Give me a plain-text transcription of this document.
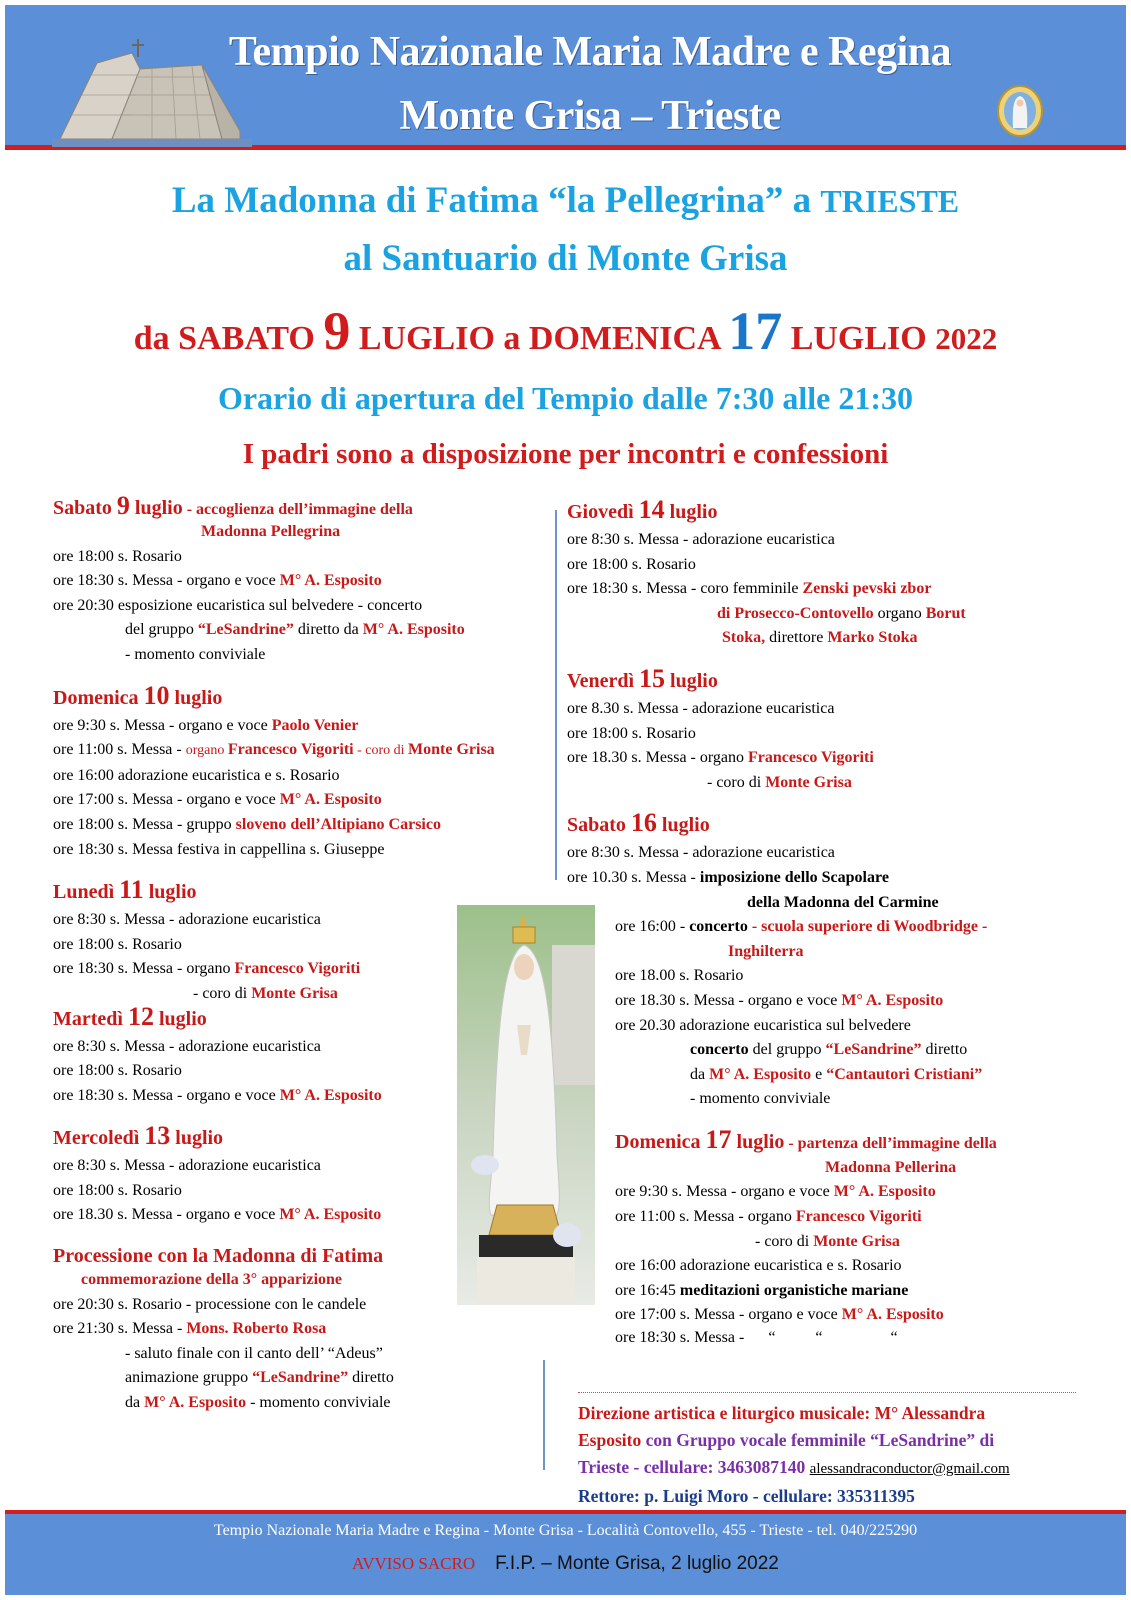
Tempio Nazionale Maria Madre e Regina
Monte Grisa – Trieste
La Madonna di Fatima “la Pellegrina” a TRIESTE
al Santuario di Monte Grisa
da SABATO 9 LUGLIO a DOMENICA 17 LUGLIO 2022
Orario di apertura del Tempio dalle 7:30 alle 21:30
I padri sono a disposizione per incontri e confessioni
Sabato 9 luglio - accoglienza dell’immagine della
Madonna Pellegrina
ore 18:00 s. Rosario
ore 18:30 s. Messa - organo e voce M° A. Esposito
ore 20:30 esposizione eucaristica sul belvedere - concerto
del gruppo “LeSandrine” diretto da M° A. Esposito
- momento conviviale
Domenica 10 luglio
ore 9:30 s. Messa - organo e voce Paolo Venier
ore 11:00 s. Messa - organo Francesco Vigoriti - coro di Monte Grisa
ore 16:00 adorazione eucaristica e s. Rosario
ore 17:00 s. Messa - organo e voce M° A. Esposito
ore 18:00 s. Messa - gruppo sloveno dell’Altipiano Carsico
ore 18:30 s. Messa festiva in cappellina s. Giuseppe
Lunedì 11 luglio
ore 8:30 s. Messa - adorazione eucaristica
ore 18:00 s. Rosario
ore 18:30 s. Messa - organo Francesco Vigoriti
- coro di Monte Grisa
Martedì 12 luglio
ore 8:30 s. Messa - adorazione eucaristica
ore 18:00 s. Rosario
ore 18:30 s. Messa - organo e voce M° A. Esposito
Mercoledì 13 luglio
ore 8:30 s. Messa - adorazione eucaristica
ore 18:00 s. Rosario
ore 18.30 s. Messa - organo e voce M° A. Esposito
Processione con la Madonna di Fatima
commemorazione della 3° apparizione
ore 20:30 s. Rosario - processione con le candele
ore 21:30 s. Messa - Mons. Roberto Rosa
- saluto finale con il canto dell’ “Adeus”
animazione gruppo “LeSandrine” diretto
da M° A. Esposito - momento conviviale
Giovedì 14 luglio
ore 8:30 s. Messa - adorazione eucaristica
ore 18:00 s. Rosario
ore 18:30 s. Messa - coro femminile Zenski pevski zbor
di Prosecco-Contovello organo Borut
Stoka, direttore Marko Stoka
Venerdì 15 luglio
ore 8.30 s. Messa - adorazione eucaristica
ore 18:00 s. Rosario
ore 18.30 s. Messa - organo Francesco Vigoriti
- coro di Monte Grisa
Sabato 16 luglio
ore 8:30 s. Messa - adorazione eucaristica
ore 10.30 s. Messa - imposizione dello Scapolare
della Madonna del Carmine
ore 16:00 - concerto - scuola superiore di Woodbridge -
Inghilterra
ore 18.00 s. Rosario
ore 18.30 s. Messa - organo e voce M° A. Esposito
ore 20.30 adorazione eucaristica sul belvedere
concerto del gruppo “LeSandrine” diretto
da M° A. Esposito e “Cantautori Cristiani”
- momento conviviale
Domenica 17 luglio - partenza dell’immagine della
Madonna Pellerina
ore 9:30 s. Messa - organo e voce M° A. Esposito
ore 11:00 s. Messa - organo Francesco Vigoriti
- coro di Monte Grisa
ore 16:00 adorazione eucaristica e s. Rosario
ore 16:45 meditazioni organistiche mariane
ore 17:00 s. Messa - organo e voce M° A. Esposito
ore 18:30 s. Messa -      “          “                 “
Direzione artistica e liturgico musicale: M° Alessandra
Esposito con Gruppo vocale femminile “LeSandrine” di
Trieste - cellulare: 3463087140 alessandraconductor@gmail.com
Rettore: p. Luigi Moro - cellulare: 335311395
Tempio Nazionale Maria Madre e Regina - Monte Grisa - Località Contovello, 455 - Trieste - tel. 040/225290
AVVISO SACRO F.I.P. – Monte Grisa, 2 luglio 2022
